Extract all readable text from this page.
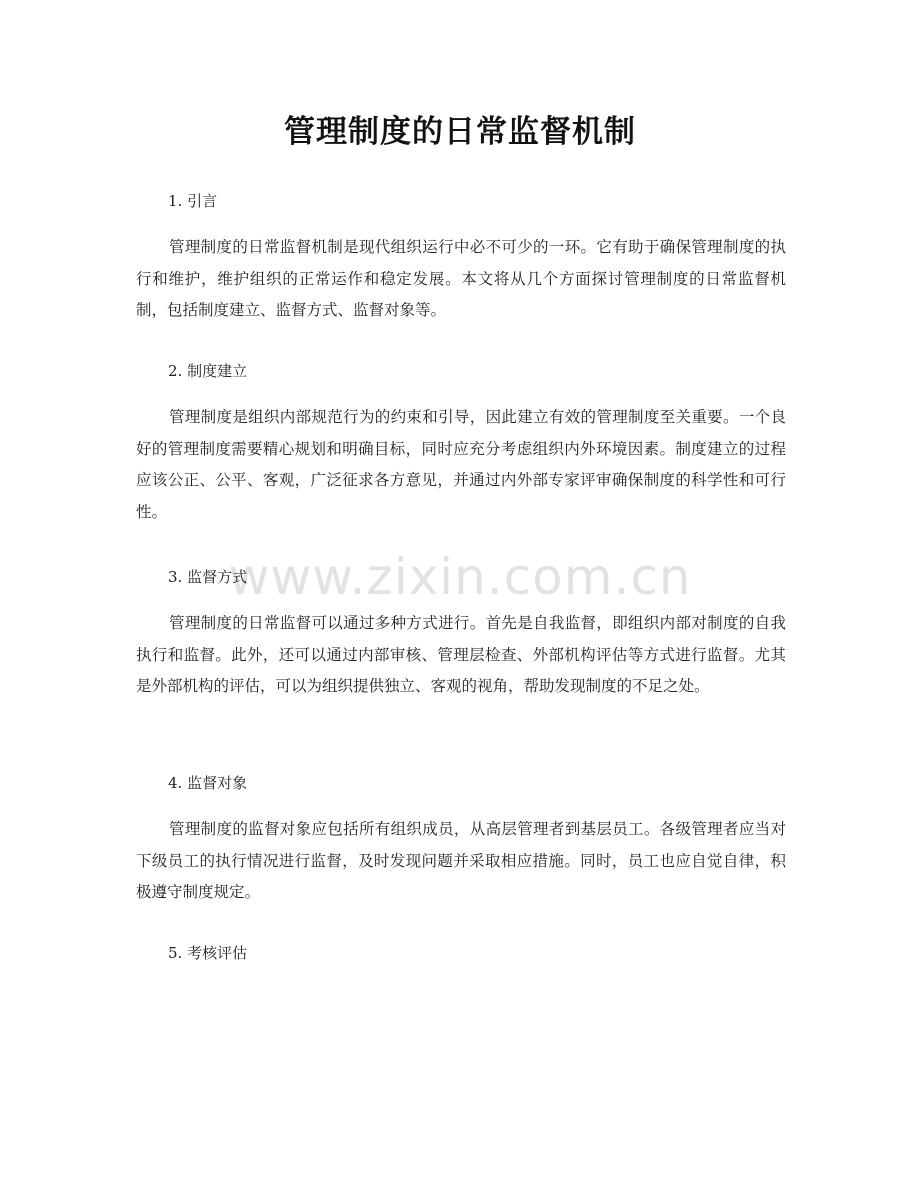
www.zixin.com.cn
管理制度的日常监督机制
1. 引言

管理制度的日常监督机制是现代组织运行中必不可少的一环。它有助于确保管理制度的执行和维护，维护组织的正常运作和稳定发展。本文将从几个方面探讨管理制度的日常监督机制，包括制度建立、监督方式、监督对象等。

2. 制度建立

管理制度是组织内部规范行为的约束和引导，因此建立有效的管理制度至关重要。一个良好的管理制度需要精心规划和明确目标，同时应充分考虑组织内外环境因素。制度建立的过程应该公正、公平、客观，广泛征求各方意见，并通过内外部专家评审确保制度的科学性和可行性。

3. 监督方式

管理制度的日常监督可以通过多种方式进行。首先是自我监督，即组织内部对制度的自我执行和监督。此外，还可以通过内部审核、管理层检查、外部机构评估等方式进行监督。尤其是外部机构的评估，可以为组织提供独立、客观的视角，帮助发现制度的不足之处。

4. 监督对象

管理制度的监督对象应包括所有组织成员，从高层管理者到基层员工。各级管理者应当对下级员工的执行情况进行监督，及时发现问题并采取相应措施。同时，员工也应自觉自律，积极遵守制度规定。

5. 考核评估
